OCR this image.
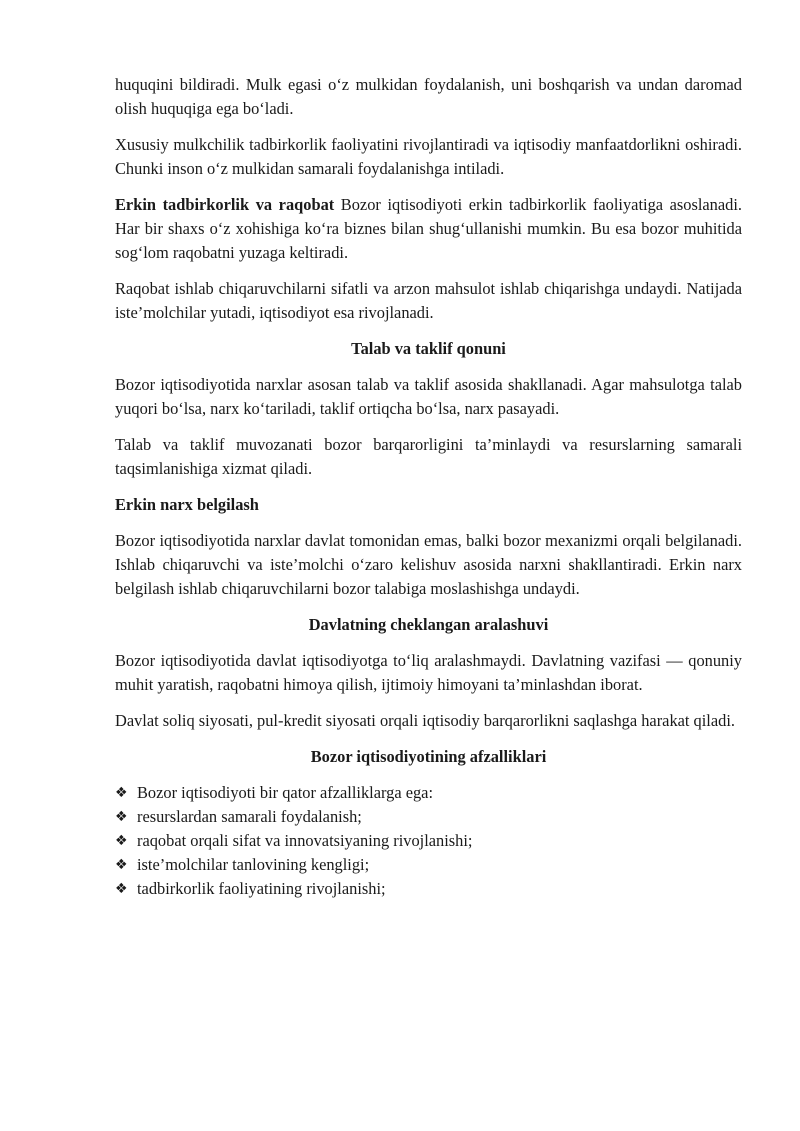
huquqini bildiradi. Mulk egasi o‘z mulkidan foydalanish, uni boshqarish va undan daromad olish huquqiga ega bo‘ladi.

Xususiy mulkchilik tadbirkorlik faoliyatini rivojlantiradi va iqtisodiy manfaatdorlikni oshiradi. Chunki inson o‘z mulkidan samarali foydalanishga intiladi.

Erkin tadbirkorlik va raqobat Bozor iqtisodiyoti erkin tadbirkorlik faoliyatiga asoslanadi. Har bir shaxs o‘z xohishiga ko‘ra biznes bilan shug‘ullanishi mumkin. Bu esa bozor muhitida sog‘lom raqobatni yuzaga keltiradi.

Raqobat ishlab chiqaruvchilarni sifatli va arzon mahsulot ishlab chiqarishga undaydi. Natijada iste’molchilar yutadi, iqtisodiyot esa rivojlanadi.

Talab va taklif qonuni

Bozor iqtisodiyotida narxlar asosan talab va taklif asosida shakllanadi. Agar mahsulotga talab yuqori bo‘lsa, narx ko‘tariladi, taklif ortiqcha bo‘lsa, narx pasayadi.

Talab va taklif muvozanati bozor barqarorligini ta’minlaydi va resurslarning samarali taqsimlanishiga xizmat qiladi.

Erkin narx belgilash

Bozor iqtisodiyotida narxlar davlat tomonidan emas, balki bozor mexanizmi orqali belgilanadi. Ishlab chiqaruvchi va iste’molchi o‘zaro kelishuv asosida narxni shakllantiradi. Erkin narx belgilash ishlab chiqaruvchilarni bozor talabiga moslashishga undaydi.

Davlatning cheklangan aralashuvi

Bozor iqtisodiyotida davlat iqtisodiyotga to‘liq aralashmaydi. Davlatning vazifasi — qonuniy muhit yaratish, raqobatni himoya qilish, ijtimoiy himoyani ta’minlashdan iborat.

Davlat soliq siyosati, pul-kredit siyosati orqali iqtisodiy barqarorlikni saqlashga harakat qiladi.

Bozor iqtisodiyotining afzalliklari
❖ Bozor iqtisodiyoti bir qator afzalliklarga ega:
❖ resurslardan samarali foydalanish;
❖ raqobat orqali sifat va innovatsiyaning rivojlanishi;
❖ iste’molchilar tanlovining kengligi;
❖ tadbirkorlik faoliyatining rivojlanishi;
